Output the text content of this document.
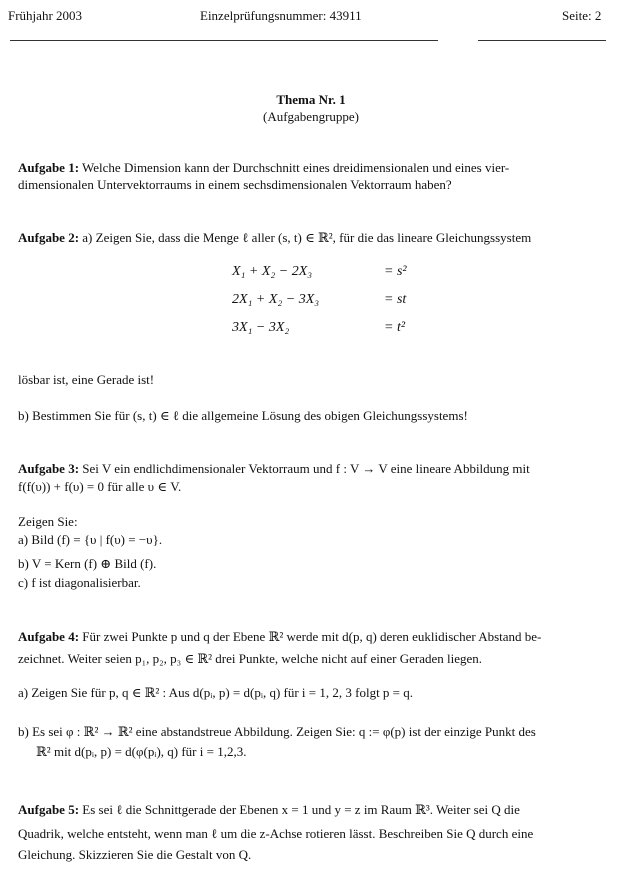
Frühjahr 2003	Einzelprüfungsnummer: 43911	Seite: 2
Thema Nr. 1
(Aufgabengruppe)
Aufgabe 1: Welche Dimension kann der Durchschnitt eines dreidimensionalen und eines vier-
dimensionalen Untervektorraums in einem sechsdimensionalen Vektorraum haben?
Aufgabe 2: a) Zeigen Sie, dass die Menge ℓ aller (s, t) ∈ ℝ², für die das lineare Gleichungssystem
X₁ + X₂ − 2X₃	= s²
2X₁ + X₂ − 3X₃	= st
3X₁ − 3X₂	= t²
lösbar ist, eine Gerade ist!
b) Bestimmen Sie für (s, t) ∈ ℓ die allgemeine Lösung des obigen Gleichungssystems!
Aufgabe 3: Sei V ein endlichdimensionaler Vektorraum und f : V → V eine lineare Abbildung mit
f(f(υ)) + f(υ) = 0 für alle υ ∈ V.
Zeigen Sie:
a) Bild (f) = {υ | f(υ) = −υ}.
b) V = Kern (f) ⊕ Bild (f).
c) f ist diagonalisierbar.
Aufgabe 4: Für zwei Punkte p und q der Ebene ℝ² werde mit d(p, q) deren euklidischer Abstand be-
zeichnet. Weiter seien p₁, p₂, p₃ ∈ ℝ² drei Punkte, welche nicht auf einer Geraden liegen.
a) Zeigen Sie für p, q ∈ ℝ² : Aus d(pᵢ, p) = d(pᵢ, q) für i = 1, 2, 3 folgt p = q.
b) Es sei φ : ℝ² → ℝ² eine abstandstreue Abbildung. Zeigen Sie: q := φ(p) ist der einzige Punkt des
ℝ² mit d(pᵢ, p) = d(φ(pᵢ), q) für i = 1,2,3.
Aufgabe 5: Es sei ℓ die Schnittgerade der Ebenen x = 1 und y = z im Raum ℝ³. Weiter sei Q die
Quadrik, welche entsteht, wenn man ℓ um die z-Achse rotieren lässt. Beschreiben Sie Q durch eine
Gleichung. Skizzieren Sie die Gestalt von Q.
